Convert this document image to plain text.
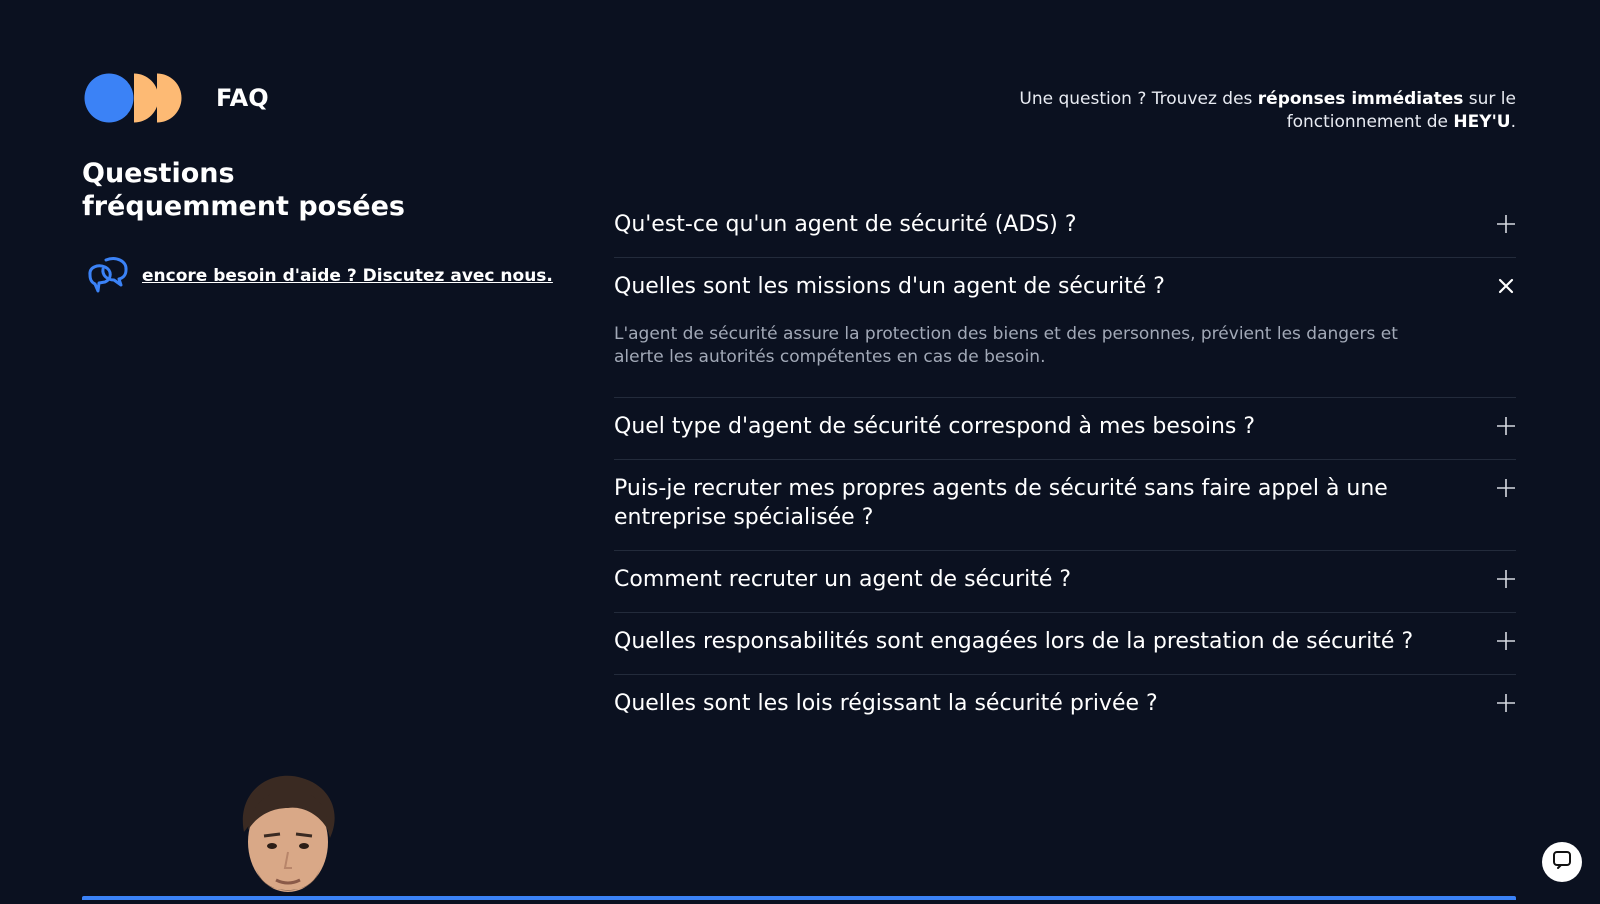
FAQ	Une question ? Trouvez des réponses immédiates sur le fonctionnement de HEY'U.
Questions
fréquemment posées
encore besoin d'aide ? Discutez avec nous.
Qu'est-ce qu'un agent de sécurité (ADS) ?
Quelles sont les missions d'un agent de sécurité ?
L'agent de sécurité assure la protection des biens et des personnes, prévient les dangers et alerte les autorités compétentes en cas de besoin.
Quel type d'agent de sécurité correspond à mes besoins ?
Puis-je recruter mes propres agents de sécurité sans faire appel à une entreprise spécialisée ?
Comment recruter un agent de sécurité ?
Quelles responsabilités sont engagées lors de la prestation de sécurité ?
Quelles sont les lois régissant la sécurité privée ?
